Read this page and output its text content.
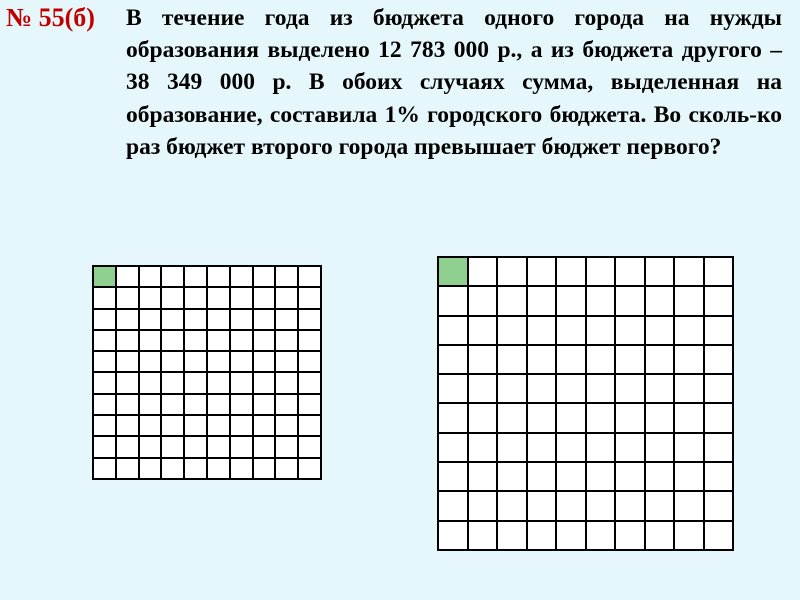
№ 55(б) В течение года из бюджета одного города на нужды образования выделено 12 783 000 р., а из бюджета другого – 38 349 000 р. В обоих случаях сумма, выделенная на образование, составила 1% городского бюджета. Во сколь-ко раз бюджет второго города превышает бюджет первого?
